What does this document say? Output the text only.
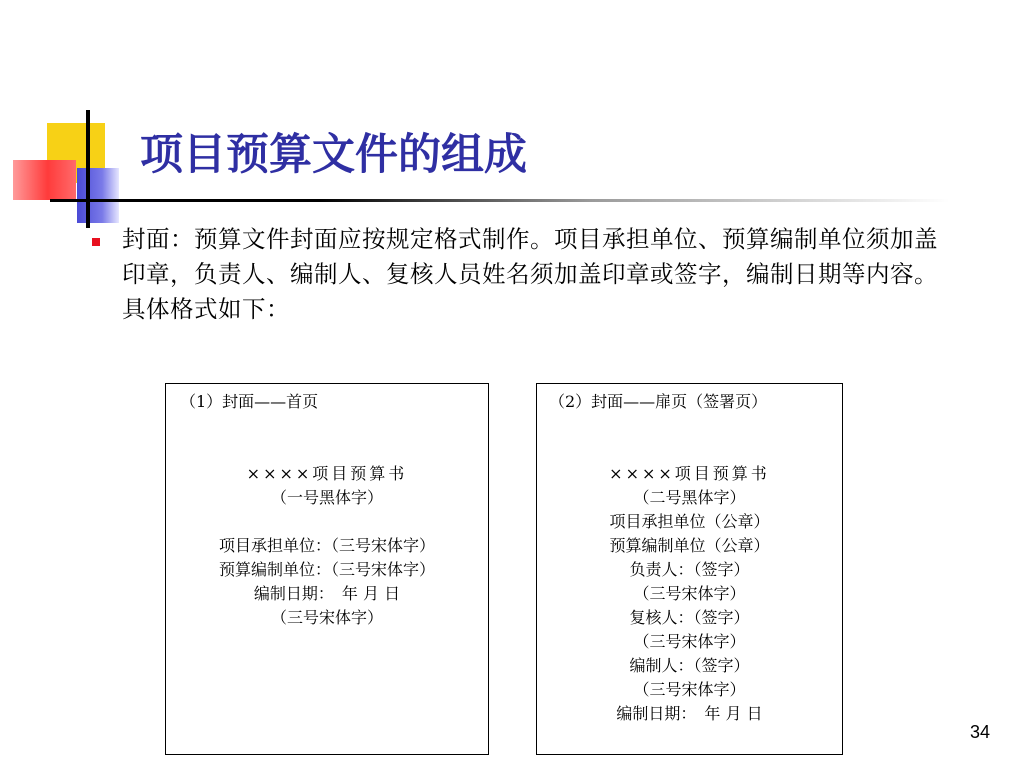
项目预算文件的组成
封面：预算文件封面应按规定格式制作。项目承担单位、预算编制单位须加盖印章，负责人、编制人、复核人员姓名须加盖印章或签字，编制日期等内容。具体格式如下：
（1）封面——首页
××××项目预算书
（一号黑体字）
项目承担单位：（三号宋体字）
预算编制单位：（三号宋体字）
编制日期：　年 月 日
（三号宋体字）
（2）封面——扉页（签署页）
××××项目预算书
（二号黑体字）
项目承担单位（公章）
预算编制单位（公章）
负责人：（签字）
（三号宋体字）
复核人：（签字）
（三号宋体字）
编制人：（签字）
（三号宋体字）
编制日期：　年 月 日
34
